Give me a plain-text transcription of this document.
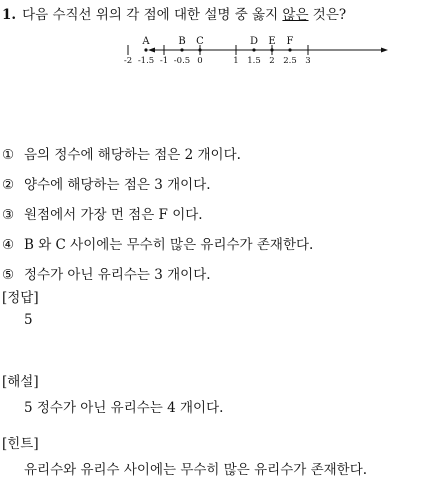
1. 다음 수직선 위의 각 점에 대한 설명 중 옳지 않은 것은?
A	B C	D E F
-2 -1.5 -1 -0.5 0	1 1.5 2 2.5 3
① 음의 정수에 해당하는 점은 2 개이다.
② 양수에 해당하는 점은 3 개이다.
③ 원점에서 가장 먼 점은 F 이다.
④ B 와 C 사이에는 무수히 많은 유리수가 존재한다.
⑤ 정수가 아닌 유리수는 3 개이다.
[정답]
5
[해설]
5 정수가 아닌 유리수는 4 개이다.
[힌트]
유리수와 유리수 사이에는 무수히 많은 유리수가 존재한다.
